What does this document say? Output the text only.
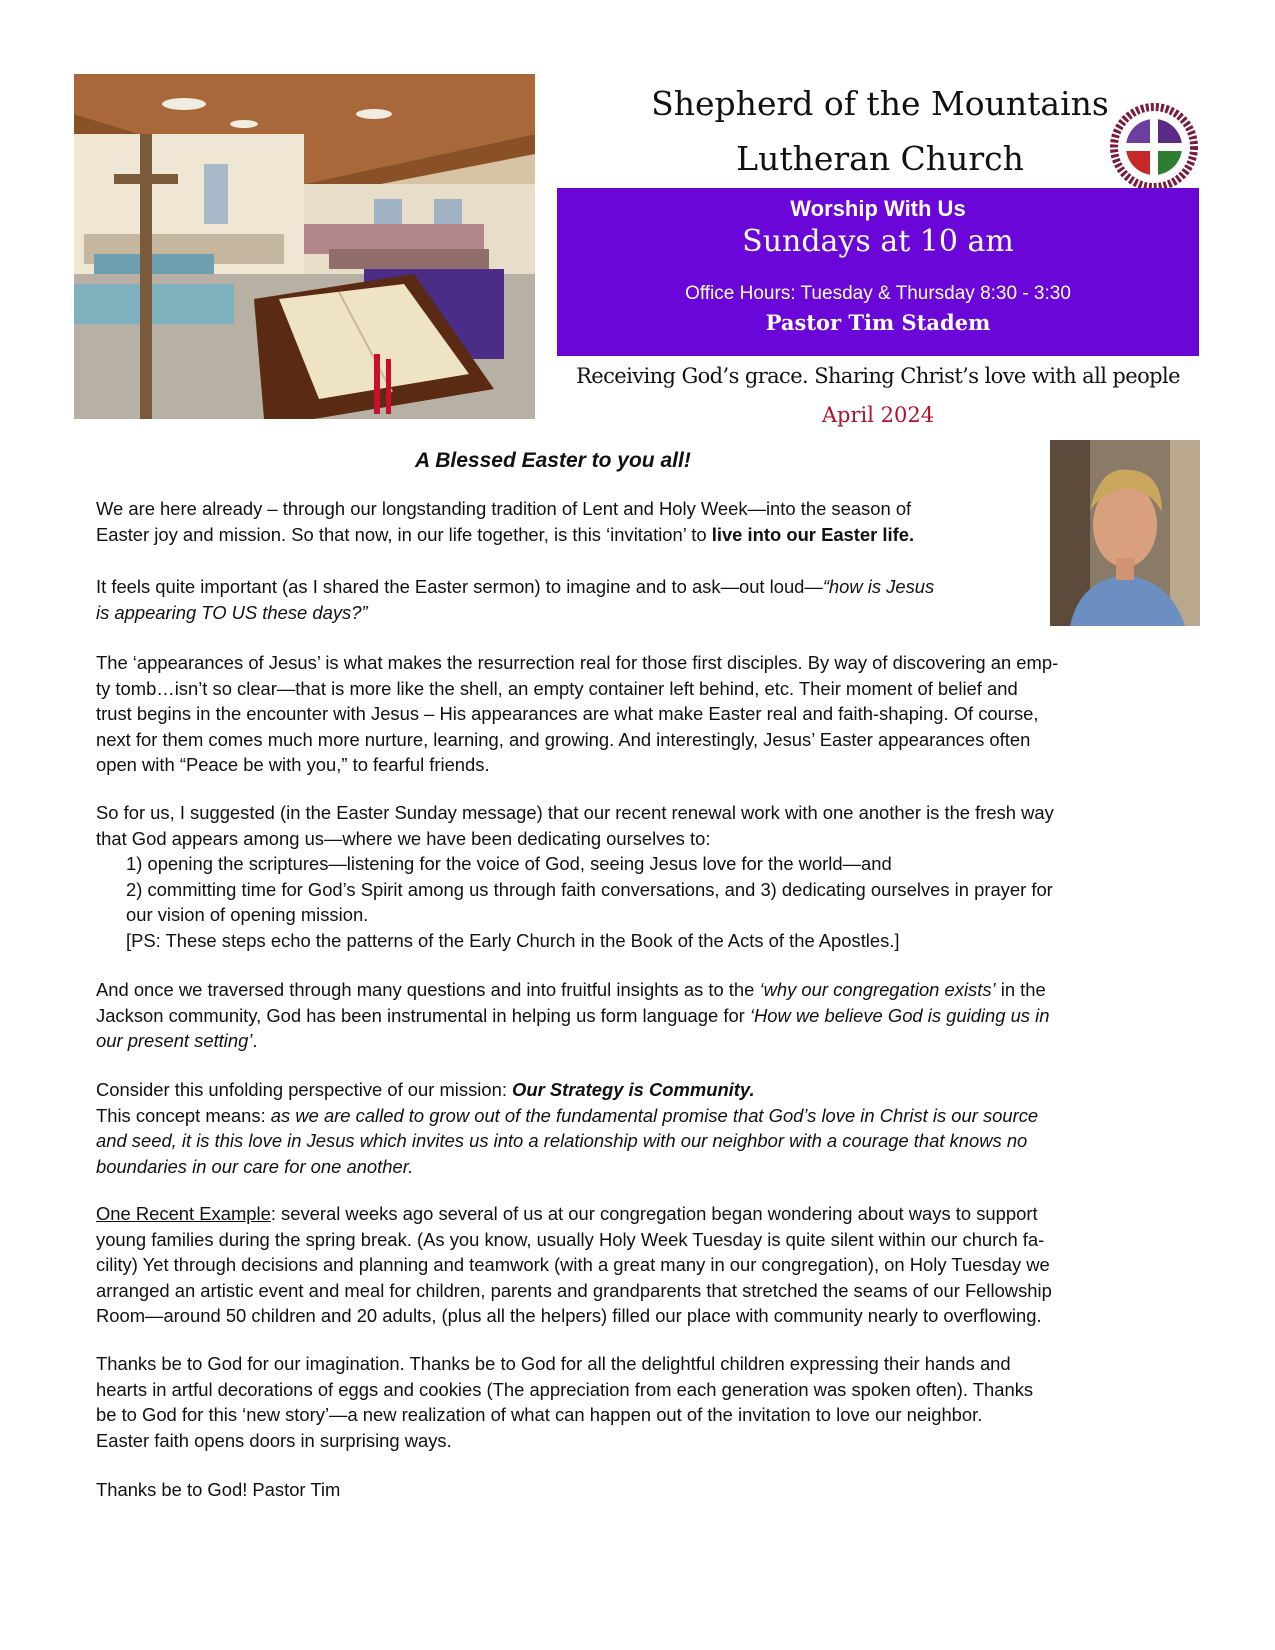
Shepherd of the Mountains
Lutheran Church
Worship With Us
Sundays at 10 am
Office Hours: Tuesday & Thursday 8:30 - 3:30
Pastor Tim Stadem
Receiving God’s grace. Sharing Christ’s love with all people
April 2024
A Blessed Easter to you all!

We are here already – through our longstanding tradition of Lent and Holy Week—into the season of

Easter joy and mission. So that now, in our life together, is this ‘invitation’ to live into our Easter life.

It feels quite important (as I shared the Easter sermon) to imagine and to ask—out loud—“how is Jesus

is appearing TO US these days?”

The ‘appearances of Jesus’ is what makes the resurrection real for those first disciples. By way of discovering an emp-

ty tomb…isn’t so clear—that is more like the shell, an empty container left behind, etc. Their moment of belief and

trust begins in the encounter with Jesus – His appearances are what make Easter real and faith-shaping. Of course,

next for them comes much more nurture, learning, and growing. And interestingly, Jesus’ Easter appearances often

open with “Peace be with you,” to fearful friends.

So for us, I suggested (in the Easter Sunday message) that our recent renewal work with one another is the fresh way

that God appears among us—where we have been dedicating ourselves to:

1) opening the scriptures—listening for the voice of God, seeing Jesus love for the world—and

2) committing time for God’s Spirit among us through faith conversations, and 3) dedicating ourselves in prayer for

our vision of opening mission.

[PS: These steps echo the patterns of the Early Church in the Book of the Acts of the Apostles.]

And once we traversed through many questions and into fruitful insights as to the ‘why our congregation exists’ in the

Jackson community, God has been instrumental in helping us form language for ‘How we believe God is guiding us in

our present setting’.

Consider this unfolding perspective of our mission: Our Strategy is Community.

This concept means: as we are called to grow out of the fundamental promise that God’s love in Christ is our source

and seed, it is this love in Jesus which invites us into a relationship with our neighbor with a courage that knows no

boundaries in our care for one another.

One Recent Example: several weeks ago several of us at our congregation began wondering about ways to support

young families during the spring break. (As you know, usually Holy Week Tuesday is quite silent within our church fa-

cility) Yet through decisions and planning and teamwork (with a great many in our congregation), on Holy Tuesday we

arranged an artistic event and meal for children, parents and grandparents that stretched the seams of our Fellowship

Room—around 50 children and 20 adults, (plus all the helpers) filled our place with community nearly to overflowing.

Thanks be to God for our imagination. Thanks be to God for all the delightful children expressing their hands and

hearts in artful decorations of eggs and cookies (The appreciation from each generation was spoken often). Thanks

be to God for this ‘new story’—a new realization of what can happen out of the invitation to love our neighbor.

Easter faith opens doors in surprising ways.

Thanks be to God! Pastor Tim
